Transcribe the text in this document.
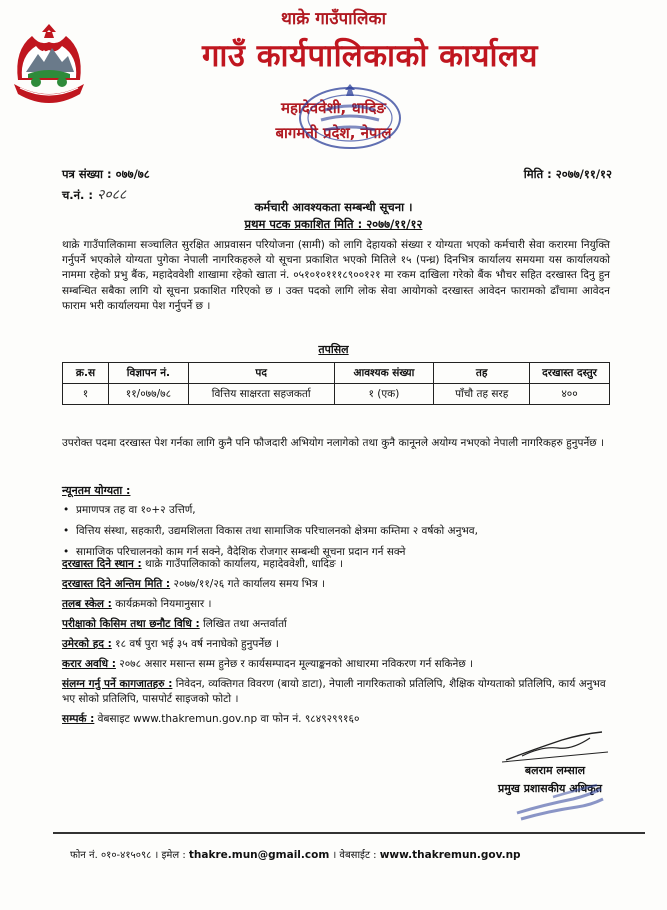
थाक्रे गाउँपालिका
गाउँ कार्यपालिकाको कार्यालय
महादेववेशी, धादिङ
बागमती प्रदेश, नेपाल
पत्र संख्या : ०७७/७८
च.नं. : २०८८
मिति : २०७७/११/१२
कर्मचारी आवश्यकता सम्बन्धी सूचना ।
प्रथम पटक प्रकाशित मिति : २०७७/११/१२
थाक्रे गाउँपालिकामा सञ्चालित सुरक्षित आप्रवासन परियोजना (सामी) को लागि देहायको संख्या र योग्यता भएको कर्मचारी सेवा करारमा नियुक्ति गर्नुपर्ने भएकोले योग्यता पुगेका नेपाली नागरिकहरुले यो सूचना प्रकाशित भएको मितिले १५ (पन्ध्र) दिनभित्र कार्यालय समयमा यस कार्यालयको नाममा रहेको प्रभु बैंक, महादेववेशी शाखामा रहेको खाता नं. ०५१०१०१११८९००१२१ मा रकम दाखिला गरेको बैंक भौचर सहित दरखास्त दिनु हुन सम्बन्धित सबैका लागि यो सूचना प्रकाशित गरिएको छ । उक्त पदको लागि लोक सेवा आयोगको दरखास्त आवेदन फारामको ढाँचामा आवेदन फाराम भरी कार्यालयमा पेश गर्नुपर्ने छ ।
तपसिल
क्र.स	विज्ञापन नं.	पद	आवश्यक संख्या	तह	दरखास्त दस्तुर
१	११/०७७/७८	वित्तिय साक्षरता सहजकर्ता	१ (एक)	पाँचौ तह सरह	४००
उपरोक्त पदमा दरखास्त पेश गर्नका लागि कुनै पनि फौजदारी अभियोग नलागेको तथा कुनै कानूनले अयोग्य नभएको नेपाली नागरिकहरु हुनुपर्नेछ ।
न्यूनतम योग्यता :
• प्रमाणपत्र तह वा १०+२ उत्तिर्ण,
• वित्तिय संस्था, सहकारी, उद्यमशिलता विकास तथा सामाजिक परिचालनको क्षेत्रमा कम्तिमा २ वर्षको अनुभव,
• सामाजिक परिचालनको काम गर्न सक्ने, वैदेशिक रोजगार सम्बन्धी सूचना प्रदान गर्न सक्ने
दरखास्त दिने स्थान : थाक्रे गाउँपालिकाको कार्यालय, महादेववेशी, धादिङ ।
दरखास्त दिने अन्तिम मिति : २०७७/११/२६ गते कार्यालय समय भित्र ।
तलब स्केल : कार्यक्रमको नियमानुसार ।
परीक्षाको किसिम तथा छनौट विधि : लिखित तथा अन्तर्वार्ता
उमेरको हद : १८ वर्ष पुरा भई ३५ वर्ष ननाघेको हुनुपर्नेछ ।
करार अवधि : २०७८ असार मसान्त सम्म हुनेछ र कार्यसम्पादन मूल्याङ्कनको आधारमा नविकरण गर्न सकिनेछ ।
संलग्न गर्नु पर्ने कागजातहरु : निवेदन, व्यक्तिगत विवरण (बायो डाटा), नेपाली नागरिकताको प्रतिलिपि, शैक्षिक योग्यताको प्रतिलिपि, कार्य अनुभव भए सोको प्रतिलिपि, पासपोर्ट साइजको फोटो ।
सम्पर्क : वेबसाइट www.thakremun.gov.np वा फोन नं. ९८४९२९९१६०
बलराम लम्साल
प्रमुख प्रशासकीय अधिकृत
फोन नं. ०१०-४१५०९८ । इमेल : thakre.mun@gmail.com । वेबसाईट : www.thakremun.gov.np
